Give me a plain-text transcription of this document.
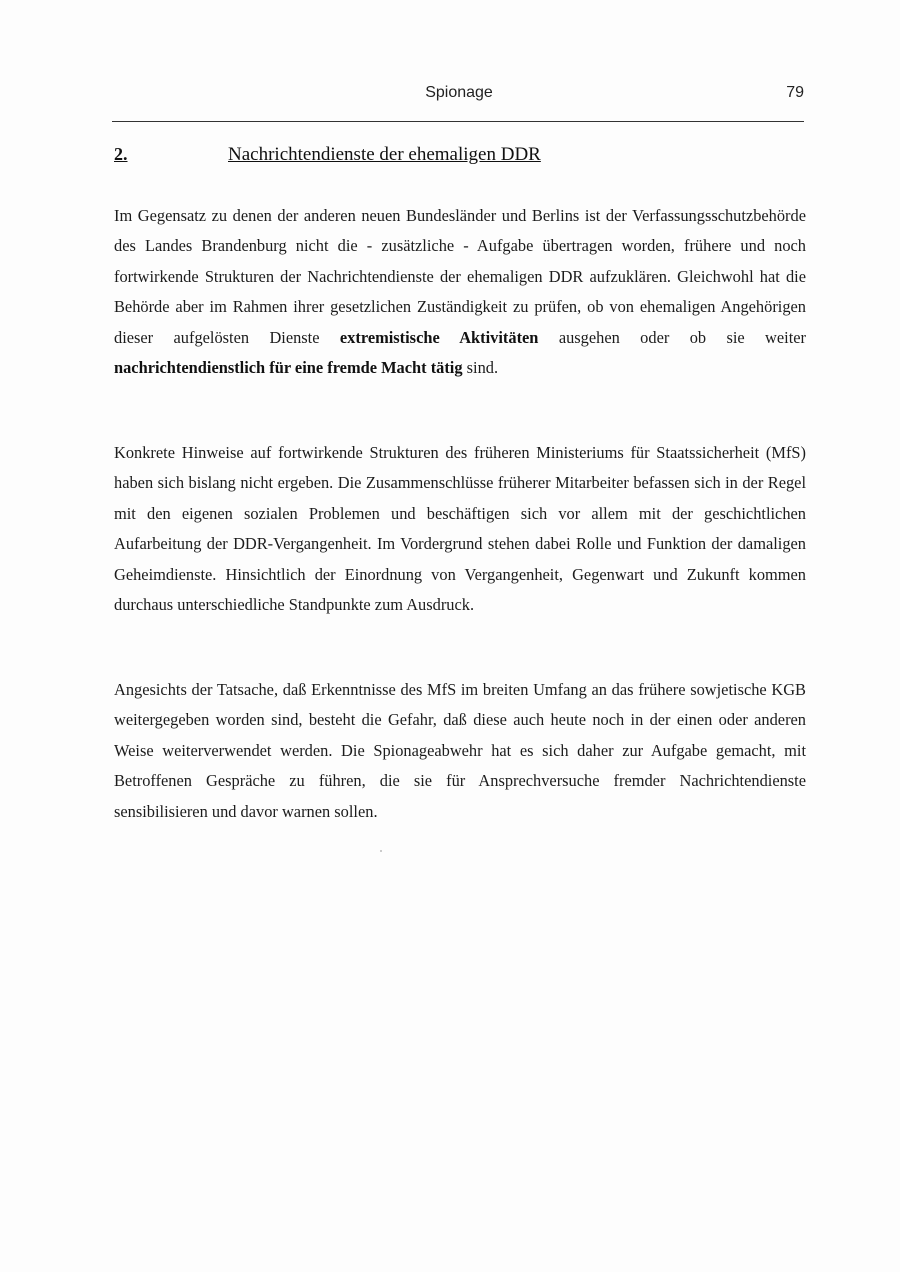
Spionage	79
2.	Nachrichtendienste der ehemaligen DDR

Im Gegensatz zu denen der anderen neuen Bundesländer und Berlins ist der Verfassungsschutzbehörde des Landes Brandenburg nicht die - zusätzliche - Aufgabe übertragen worden, frühere und noch fortwirkende Strukturen der Nachrichtendienste der ehemaligen DDR aufzuklären. Gleichwohl hat die Behörde aber im Rahmen ihrer gesetzlichen Zuständigkeit zu prüfen, ob von ehemaligen Angehörigen dieser aufgelösten Dienste extremistische Aktivitäten ausgehen oder ob sie weiter nachrichtendienstlich für eine fremde Macht tätig sind.

Konkrete Hinweise auf fortwirkende Strukturen des früheren Ministeriums für Staatssicherheit (MfS) haben sich bislang nicht ergeben. Die Zusammenschlüsse früherer Mitarbeiter befassen sich in der Regel mit den eigenen sozialen Problemen und beschäftigen sich vor allem mit der geschichtlichen Aufarbeitung der DDR-Vergangenheit. Im Vordergrund stehen dabei Rolle und Funktion der damaligen Geheimdienste. Hinsichtlich der Einordnung von Vergangenheit, Gegenwart und Zukunft kommen durchaus unterschiedliche Standpunkte zum Ausdruck.

Angesichts der Tatsache, daß Erkenntnisse des MfS im breiten Umfang an das frühere sowjetische KGB weitergegeben worden sind, besteht die Gefahr, daß diese auch heute noch in der einen oder anderen Weise weiterverwendet werden. Die Spionageabwehr hat es sich daher zur Aufgabe gemacht, mit Betroffenen Gespräche zu führen, die sie für Ansprechversuche fremder Nachrichtendienste sensibilisieren und davor warnen sollen.
